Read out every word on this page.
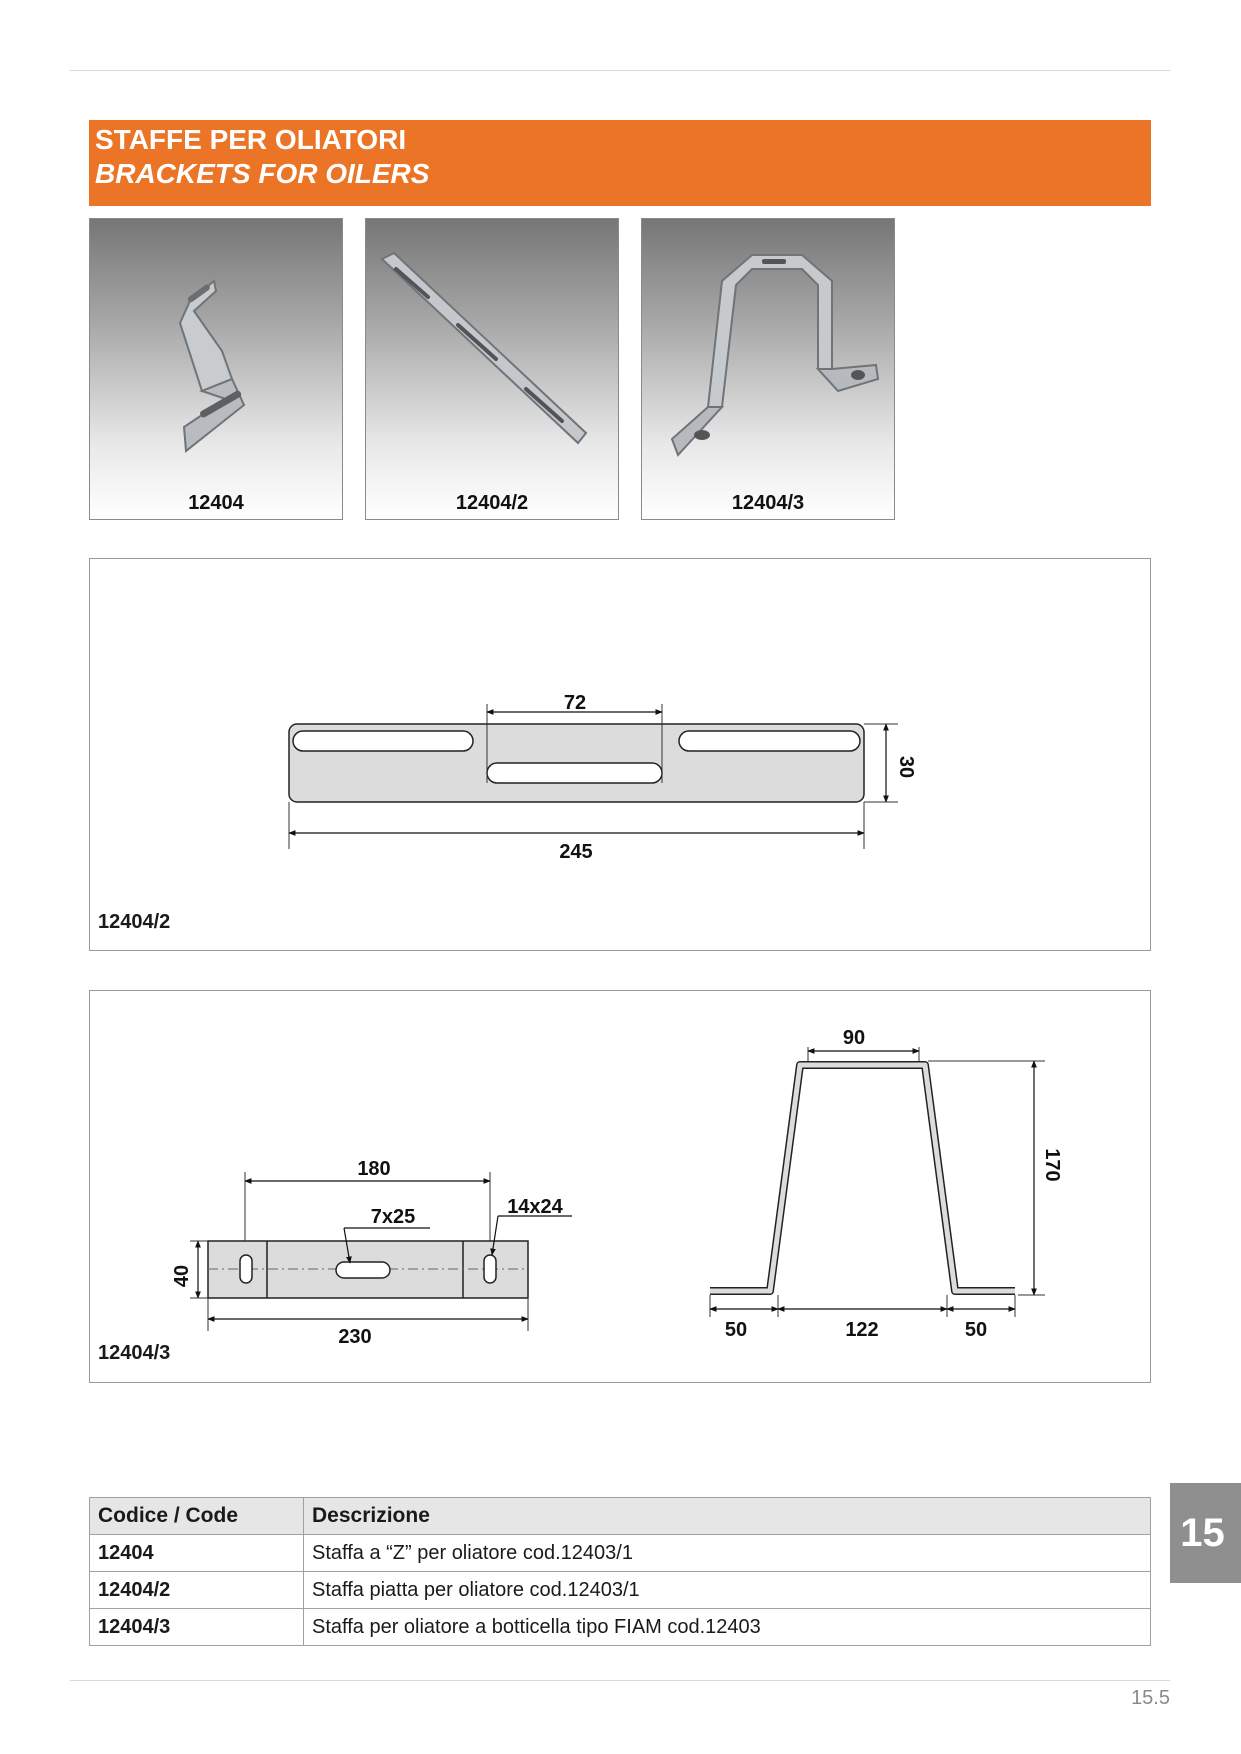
STAFFE PER OLIATORI
BRACKETS FOR OILERS
12404	12404/2	12404/3
72
245
30
12404/2
180
7x25	14x24
230
40
90
170
50	122	50
12404/3
Codice / Code	Descrizione
12404	Staffa a “Z” per oliatore cod.12403/1
12404/2	Staffa piatta per oliatore cod.12403/1
12404/3	Staffa per oliatore a botticella tipo FIAM cod.12403
15
15.5
